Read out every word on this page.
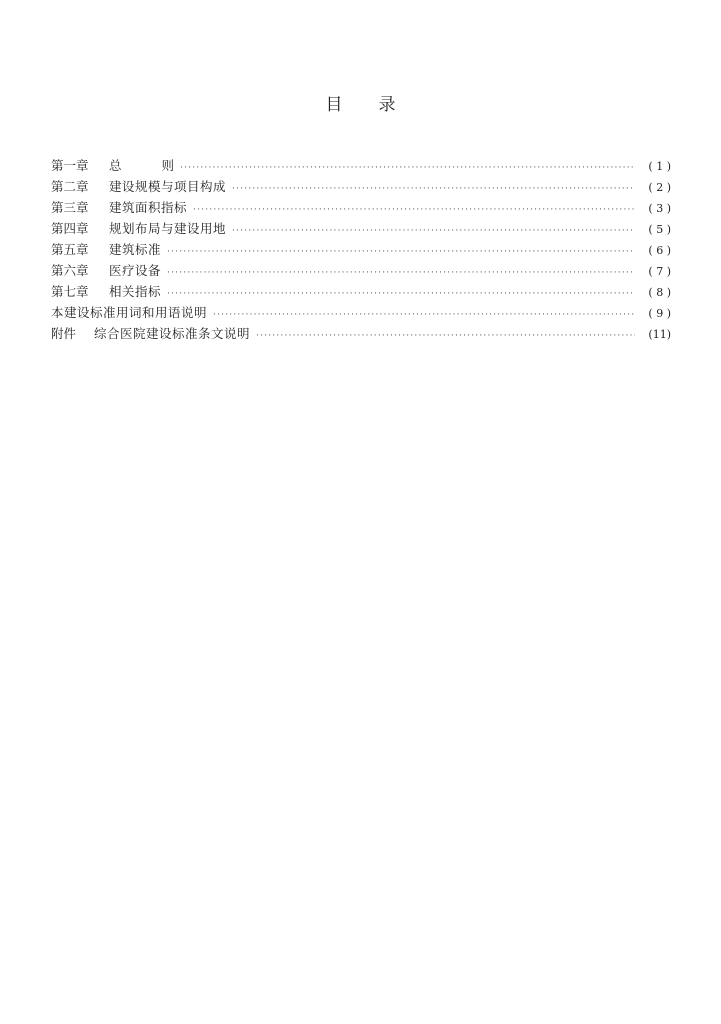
目 录
第一章	总	则 ·····	( 1 )
第二章	建设规模与项目构成 ·····	( 2 )
第三章	建筑面积指标 ·····	( 3 )
第四章	规划布局与建设用地 ·····	( 5 )
第五章	建筑标准 ·····	( 6 )
第六章	医疗设备 ·····	( 7 )
第七章	相关指标 ·····	( 8 )
本建设标准用词和用语说明 ·····	( 9 )
附件	综合医院建设标准条文说明 ·····	(11)
